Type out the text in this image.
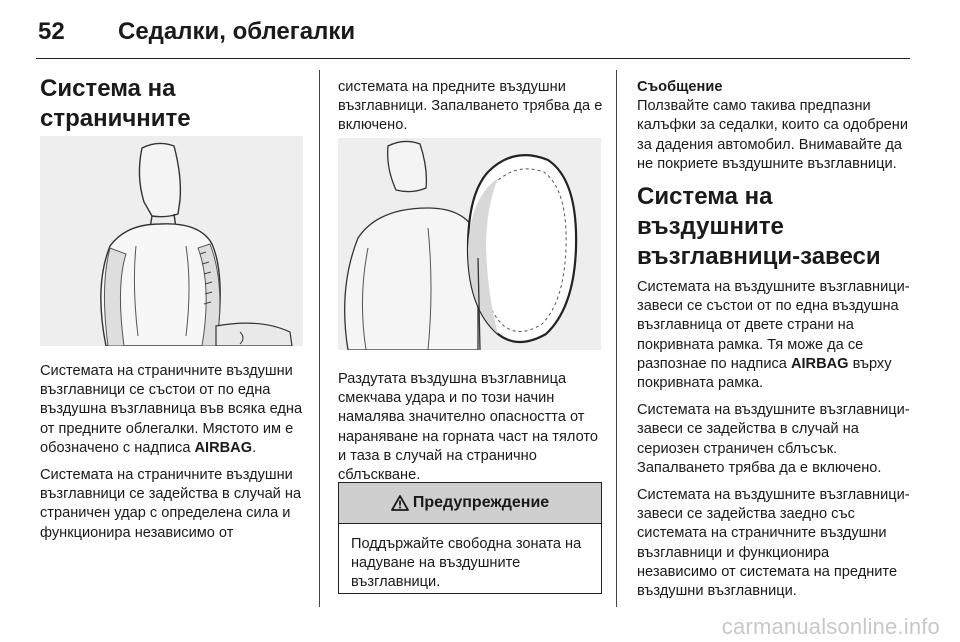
52 Седалки, облегалки
Система на страничните

Системата на страничните въздушни възглавници се състои от по една въздушна възглавница във всяка една от предните облегалки. Мястото им е обозначено с надписа AIRBAG.

Системата на страничните въздушни възглавници се задейства в случай на страничен удар с определена сила и функционира независимо от

системата на предните въздушни възглавници. Запалването трябва да е включено.

Раздутата въздушна възглавница смекчава удара и по този начин намалява значително опасността от нараняване на горната част на тялото и таза в случай на странично сблъскване.

Предупреждение
Поддържайте свободна зоната на надуване на въздушните възглавници.
Съобщение

Ползвайте само такива предпазни калъфки за седалки, които са одобрени за дадения автомобил. Внимавайте да не покриете въздушните възглавници.

Система на въздушните възглавници-завеси

Системата на въздушните възглавници-завеси се състои от по една въздушна възглавница от двете страни на покривната рамка. Тя може да се разпознае по надписа AIRBAG върху покривната рамка.

Системата на въздушните възглавници-завеси се задейства в случай на сериозен страничен сблъсък. Запалването трябва да е включено.

Системата на въздушните възглавници-завеси се задейства заедно със системата на страничните въздушни възглавници и функционира независимо от системата на предните въздушни възглавници.

carmanualsonline.info
